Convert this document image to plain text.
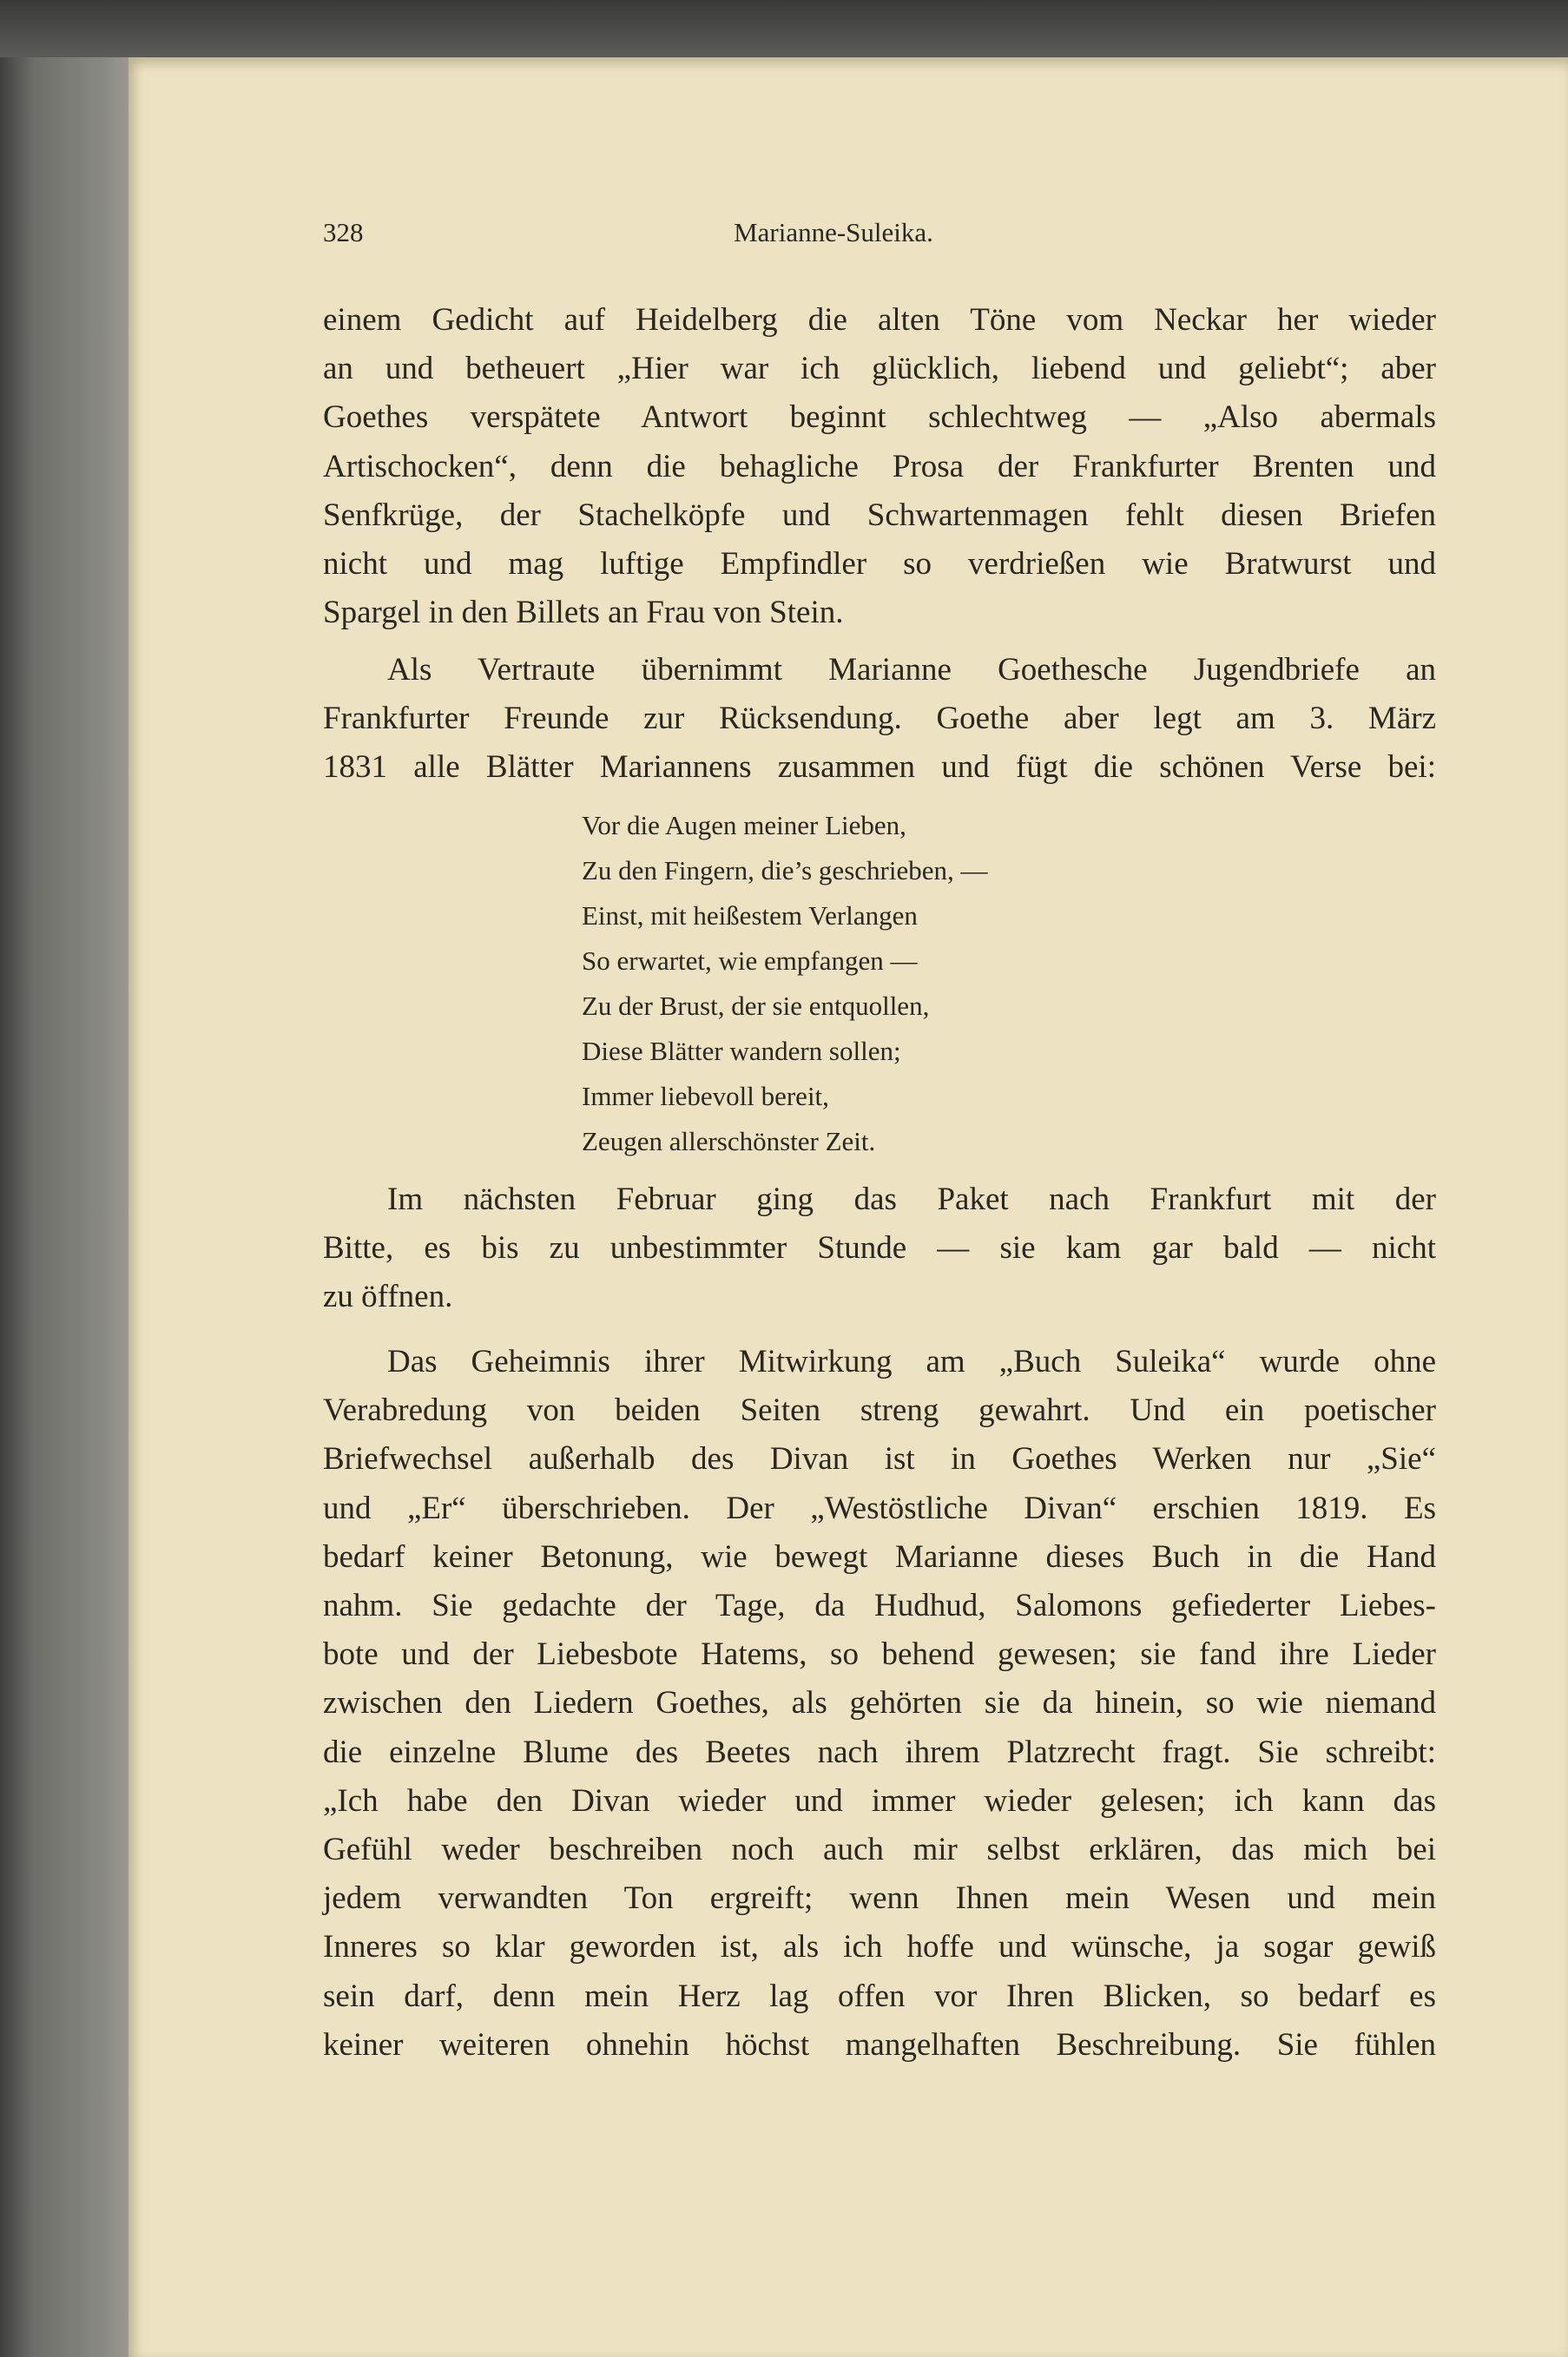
328	Marianne-Suleika.
einem Gedicht auf Heidelberg die alten Töne vom Neckar her wieder
an und betheuert „Hier war ich glücklich, liebend und geliebt“; aber
Goethes verspätete Antwort beginnt schlechtweg — „Also abermals
Artischocken“, denn die behagliche Prosa der Frankfurter Brenten und
Senfkrüge, der Stachelköpfe und Schwartenmagen fehlt diesen Briefen
nicht und mag luftige Empfindler so verdrießen wie Bratwurst und
Spargel in den Billets an Frau von Stein.
Als Vertraute übernimmt Marianne Goethesche Jugendbriefe an
Frankfurter Freunde zur Rücksendung. Goethe aber legt am 3. März
1831 alle Blätter Mariannens zusammen und fügt die schönen Verse bei:
Im nächsten Februar ging das Paket nach Frankfurt mit der
Bitte, es bis zu unbestimmter Stunde — sie kam gar bald — nicht
zu öffnen.
Das Geheimnis ihrer Mitwirkung am „Buch Suleika“ wurde ohne
Verabredung von beiden Seiten streng gewahrt. Und ein poetischer
Briefwechsel außerhalb des Divan ist in Goethes Werken nur „Sie“
und „Er“ überschrieben. Der „Westöstliche Divan“ erschien 1819. Es
bedarf keiner Betonung, wie bewegt Marianne dieses Buch in die Hand
nahm. Sie gedachte der Tage, da Hudhud, Salomons gefiederter Liebes-
bote und der Liebesbote Hatems, so behend gewesen; sie fand ihre Lieder
zwischen den Liedern Goethes, als gehörten sie da hinein, so wie niemand
die einzelne Blume des Beetes nach ihrem Platzrecht fragt. Sie schreibt:
„Ich habe den Divan wieder und immer wieder gelesen; ich kann das
Gefühl weder beschreiben noch auch mir selbst erklären, das mich bei
jedem verwandten Ton ergreift; wenn Ihnen mein Wesen und mein
Inneres so klar geworden ist, als ich hoffe und wünsche, ja sogar gewiß
sein darf, denn mein Herz lag offen vor Ihren Blicken, so bedarf es
keiner weiteren ohnehin höchst mangelhaften Beschreibung. Sie fühlen
Vor die Augen meiner Lieben,
Zu den Fingern, die’s geschrieben, —
Einst, mit heißestem Verlangen
So erwartet, wie empfangen —
Zu der Brust, der sie entquollen,
Diese Blätter wandern sollen;
Immer liebevoll bereit,
Zeugen allerschönster Zeit.
